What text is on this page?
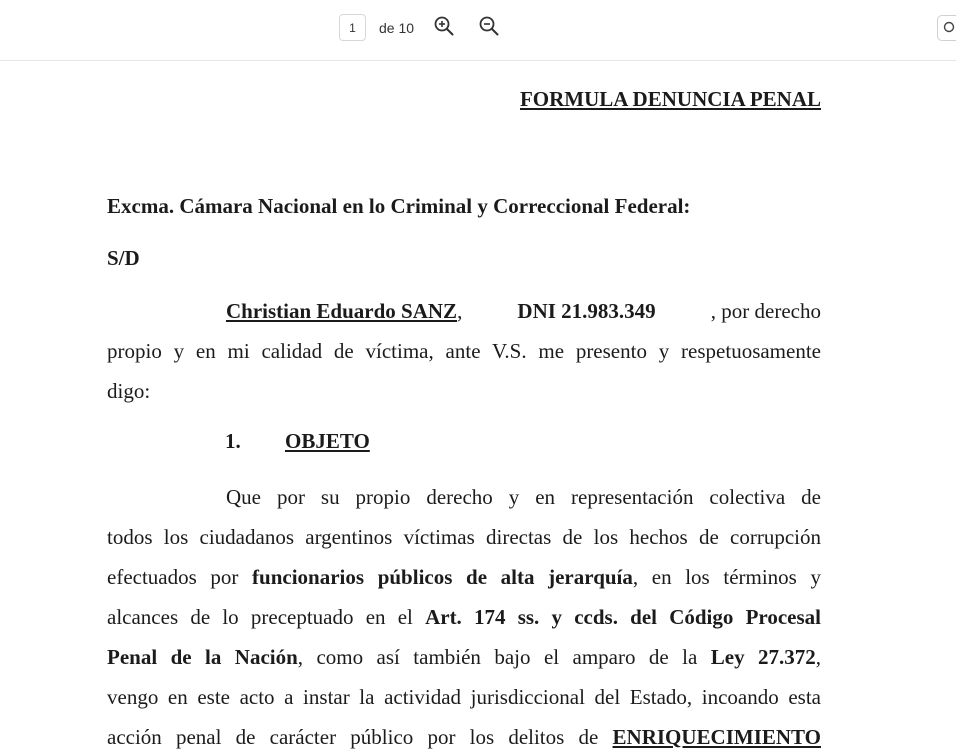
1
de 10
FORMULA DENUNCIA PENAL

Excma. Cámara Nacional en lo Criminal y Correccional Federal:

S/D

Christian Eduardo SANZ,	DNI 21.983.349	, por derecho
propio y en mi calidad de víctima, ante V.S. me presento y respetuosamente
digo:

1. OBJETO

Que por su propio derecho y en representación colectiva de
todos los ciudadanos argentinos víctimas directas de los hechos de corrupción
efectuados por funcionarios públicos de alta jerarquía, en los términos y
alcances de lo preceptuado en el Art. 174 ss. y ccds. del Código Procesal
Penal de la Nación, como así también bajo el amparo de la Ley 27.372,
vengo en este acto a instar la actividad jurisdiccional del Estado, incoando esta
acción penal de carácter público por los delitos de ENRIQUECIMIENTO
